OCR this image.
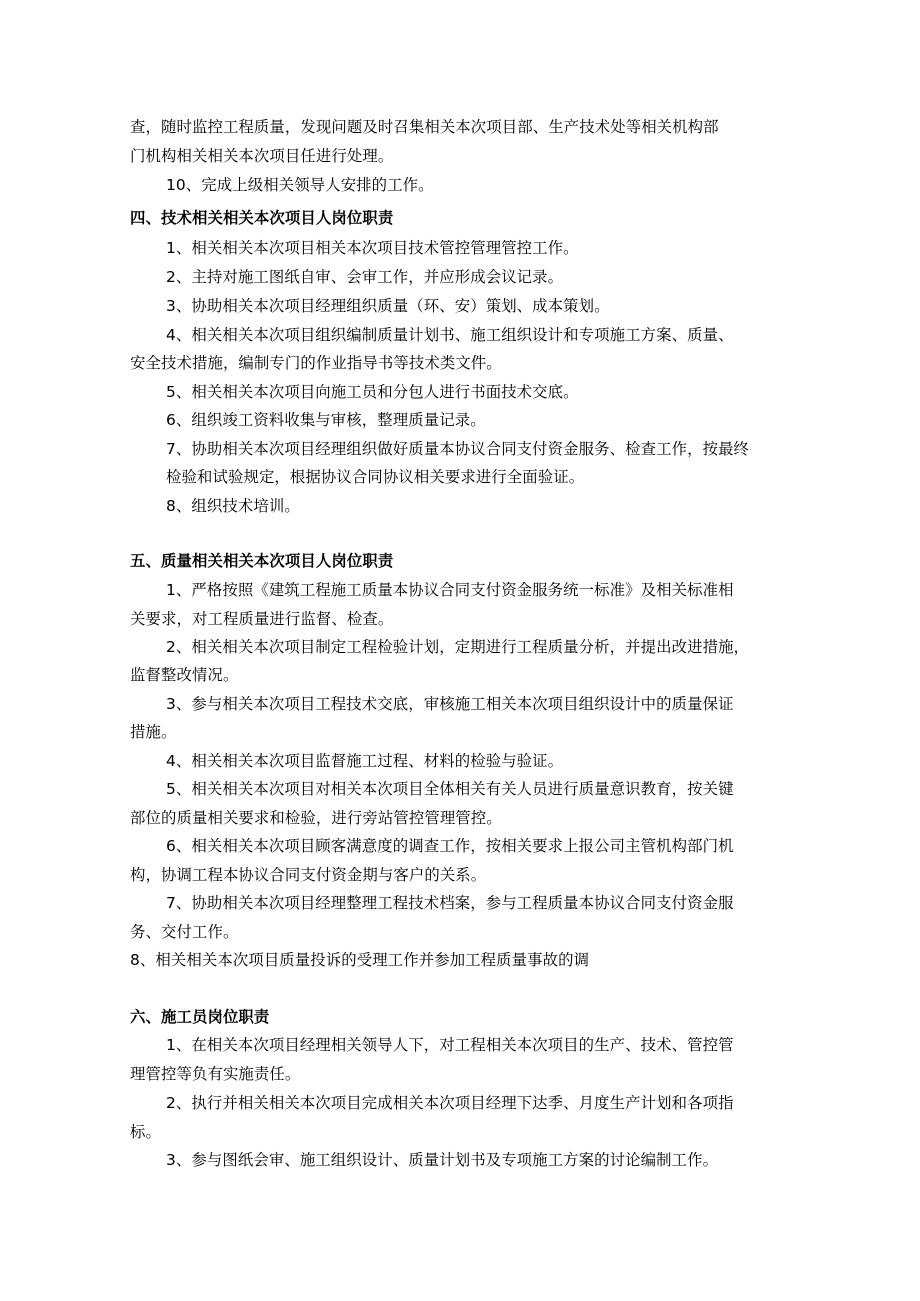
查，随时监控工程质量，发现问题及时召集相关本次项目部、生产技术处等相关机构部
门机构相关相关本次项目任进行处理。
10、完成上级相关领导人安排的工作。
四、技术相关相关本次项目人岗位职责
1、相关相关本次项目相关本次项目技术管控管理管控工作。
2、主持对施工图纸自审、会审工作，并应形成会议记录。
3、协助相关本次项目经理组织质量（环、安）策划、成本策划。
4、相关相关本次项目组织编制质量计划书、施工组织设计和专项施工方案、质量、
安全技术措施，编制专门的作业指导书等技术类文件。
5、相关相关本次项目向施工员和分包人进行书面技术交底。
6、组织竣工资料收集与审核，整理质量记录。
7、协助相关本次项目经理组织做好质量本协议合同支付资金服务、检查工作，按最终
检验和试验规定，根据协议合同协议相关要求进行全面验证。
8、组织技术培训。
五、质量相关相关本次项目人岗位职责
1、严格按照《建筑工程施工质量本协议合同支付资金服务统一标准》及相关标准相
关要求，对工程质量进行监督、检查。
2、相关相关本次项目制定工程检验计划，定期进行工程质量分析，并提出改进措施，
监督整改情况。
3、参与相关本次项目工程技术交底，审核施工相关本次项目组织设计中的质量保证
措施。
4、相关相关本次项目监督施工过程、材料的检验与验证。
5、相关相关本次项目对相关本次项目全体相关有关人员进行质量意识教育，按关键
部位的质量相关要求和检验，进行旁站管控管理管控。
6、相关相关本次项目顾客满意度的调查工作，按相关要求上报公司主管机构部门机
构，协调工程本协议合同支付资金期与客户的关系。
7、协助相关本次项目经理整理工程技术档案，参与工程质量本协议合同支付资金服
务、交付工作。
8、相关相关本次项目质量投诉的受理工作并参加工程质量事故的调
六、施工员岗位职责
1、在相关本次项目经理相关领导人下，对工程相关本次项目的生产、技术、管控管
理管控等负有实施责任。
2、执行并相关相关本次项目完成相关本次项目经理下达季、月度生产计划和各项指
标。
3、参与图纸会审、施工组织设计、质量计划书及专项施工方案的讨论编制工作。
